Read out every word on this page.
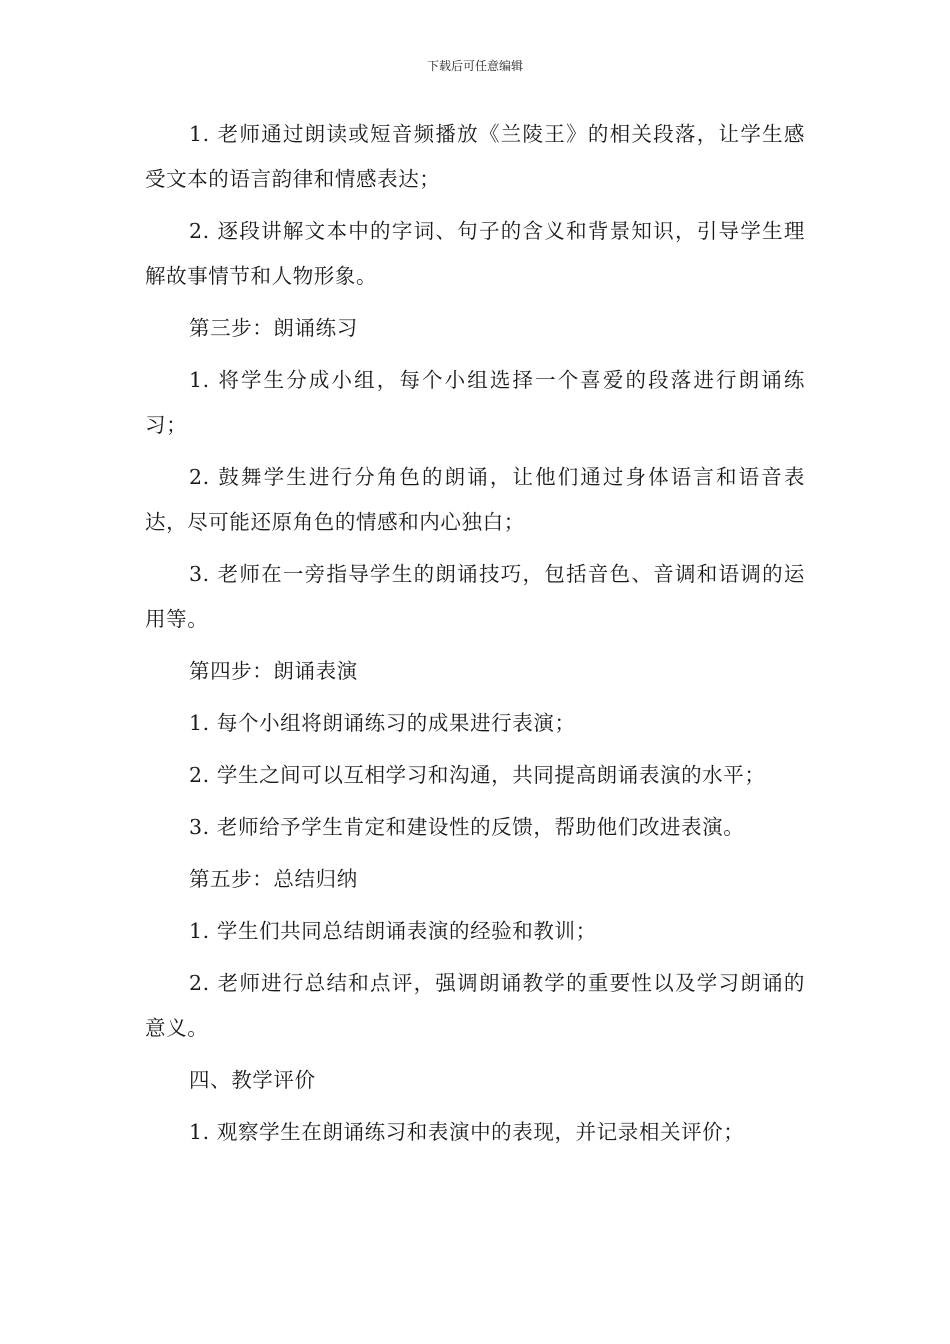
下载后可任意编辑

1. 老师通过朗读或短音频播放《兰陵王》的相关段落，让学生感受文本的语言韵律和情感表达；

2. 逐段讲解文本中的字词、句子的含义和背景知识，引导学生理解故事情节和人物形象。

第三步：朗诵练习

1. 将学生分成小组，每个小组选择一个喜爱的段落进行朗诵练习；

2. 鼓舞学生进行分角色的朗诵，让他们通过身体语言和语音表达，尽可能还原角色的情感和内心独白；

3. 老师在一旁指导学生的朗诵技巧，包括音色、音调和语调的运用等。

第四步：朗诵表演

1. 每个小组将朗诵练习的成果进行表演；

2. 学生之间可以互相学习和沟通，共同提高朗诵表演的水平；

3. 老师给予学生肯定和建设性的反馈，帮助他们改进表演。

第五步：总结归纳

1. 学生们共同总结朗诵表演的经验和教训；

2. 老师进行总结和点评，强调朗诵教学的重要性以及学习朗诵的意义。

四、教学评价

1. 观察学生在朗诵练习和表演中的表现，并记录相关评价；
